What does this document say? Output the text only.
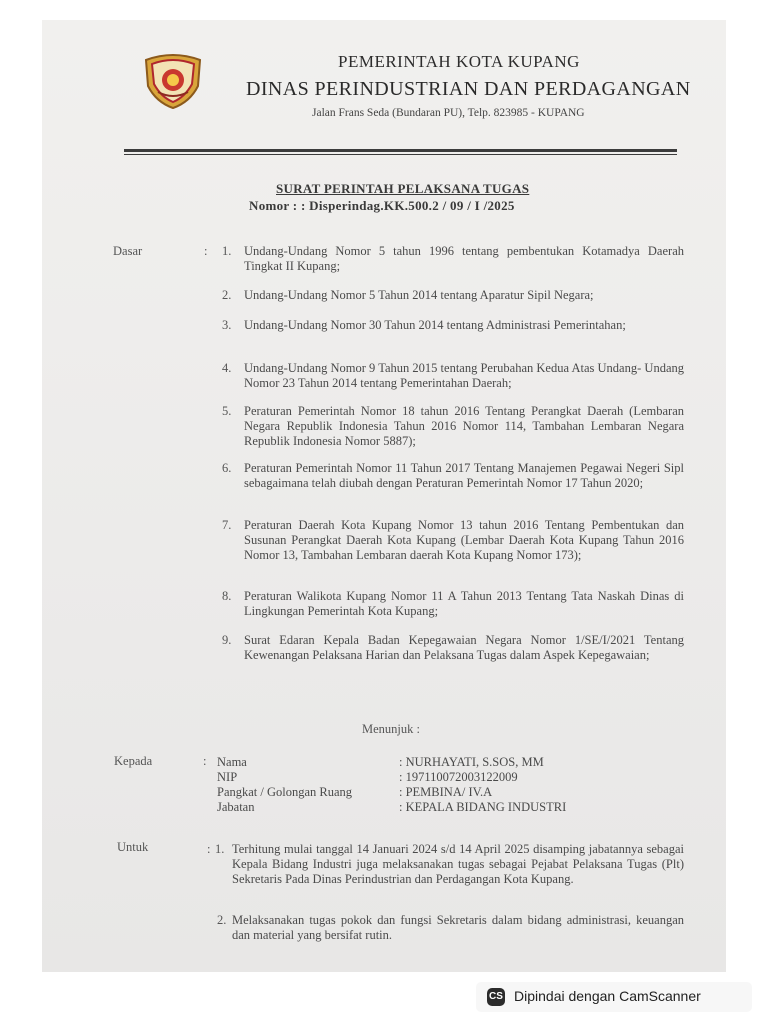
PEMERINTAH KOTA KUPANG
DINAS PERINDUSTRIAN DAN PERDAGANGAN
Jalan Frans Seda (Bundaran PU), Telp. 823985 - KUPANG
SURAT PERINTAH PELAKSANA TUGAS
Nomor : : Disperindag.KK.500.2 / 09 / I /2025
Dasar	: 1. Undang-Undang Nomor 5 tahun 1996 tentang pembentukan Kotamadya Daerah Tingkat II Kupang;
2. Undang-Undang Nomor 5 Tahun 2014 tentang Aparatur Sipil Negara;
3. Undang-Undang Nomor 30 Tahun 2014 tentang Administrasi Pemerintahan;
4. Undang-Undang Nomor 9 Tahun 2015 tentang Perubahan Kedua Atas Undang- Undang Nomor 23 Tahun 2014 tentang Pemerintahan Daerah;
5. Peraturan Pemerintah Nomor 18 tahun 2016 Tentang Perangkat Daerah (Lembaran Negara Republik Indonesia Tahun 2016 Nomor 114, Tambahan Lembaran Negara Republik Indonesia Nomor 5887);
6. Peraturan Pemerintah Nomor 11 Tahun 2017 Tentang Manajemen Pegawai Negeri Sipl sebagaimana telah diubah dengan Peraturan Pemerintah Nomor 17 Tahun 2020;
7. Peraturan Daerah Kota Kupang Nomor 13 tahun 2016 Tentang Pembentukan dan Susunan Perangkat Daerah Kota Kupang (Lembar Daerah Kota Kupang Tahun 2016 Nomor 13, Tambahan Lembaran daerah Kota Kupang Nomor 173);
8. Peraturan Walikota Kupang Nomor 11 A Tahun 2013 Tentang Tata Naskah Dinas di Lingkungan Pemerintah Kota Kupang;
9. Surat Edaran Kepala Badan Kepegawaian Negara Nomor 1/SE/I/2021 Tentang Kewenangan Pelaksana Harian dan Pelaksana Tugas dalam Aspek Kepegawaian;
Menunjuk :
Kepada	: Nama	: NURHAYATI, S.SOS, MM
NIP	: 197110072003122009
Pangkat / Golongan Ruang	: PEMBINA/ IV.A
Jabatan	: KEPALA BIDANG INDUSTRI
Untuk	: 1. Terhitung mulai tanggal 14 Januari 2024 s/d 14 April 2025 disamping jabatannya sebagai Kepala Bidang Industri juga melaksanakan tugas sebagai Pejabat Pelaksana Tugas (Plt) Sekretaris Pada Dinas Perindustrian dan Perdagangan Kota Kupang.
2. Melaksanakan tugas pokok dan fungsi Sekretaris dalam bidang administrasi, keuangan dan material yang bersifat rutin.
CS Dipindai dengan CamScanner
